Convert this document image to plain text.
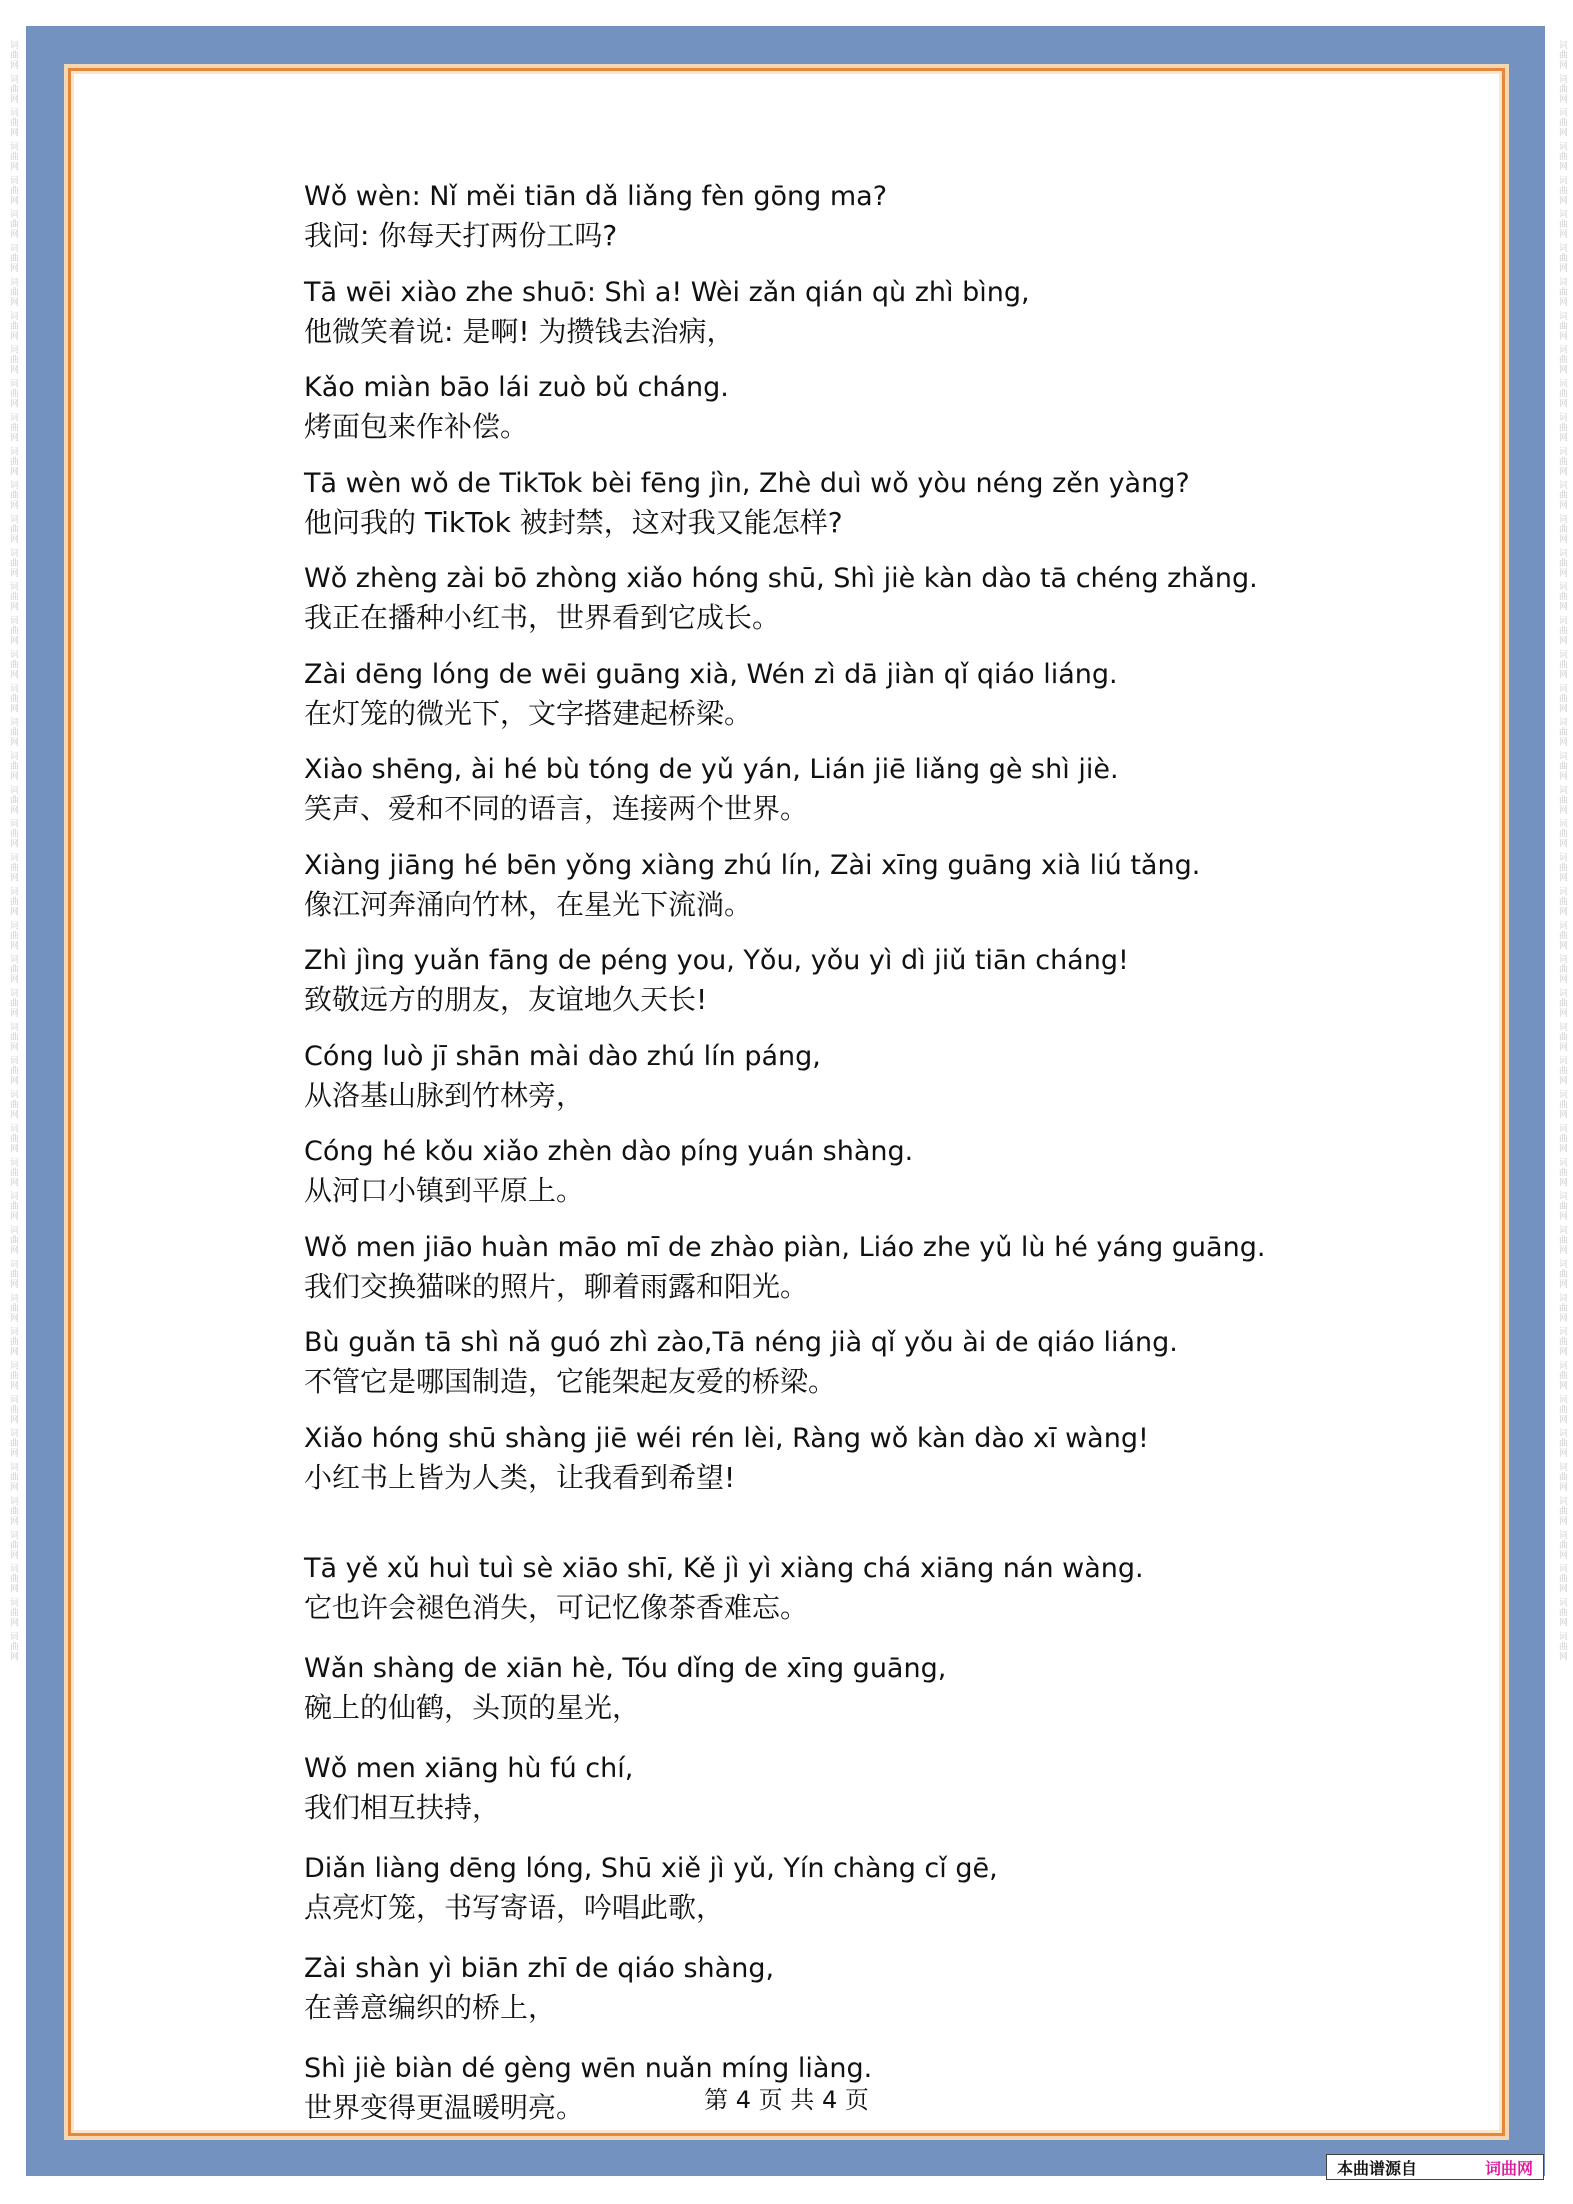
词曲网 词曲网 词曲网 词曲网 词曲网 词曲网 词曲网 词曲网 词曲网 词曲网 词曲网 词曲网 词曲网 词曲网 词曲网 词曲网 词曲网 词曲网 词曲网 词曲网 词曲网 词曲网 词曲网 词曲网 词曲网 词曲网 词曲网 词曲网 词曲网 词曲网 词曲网 词曲网 词曲网 词曲网 词曲网 词曲网 词曲网 词曲网 词曲网 词曲网 词曲网 词曲网 词曲网 词曲网 词曲网 词曲网 词曲网 词曲网	词曲网 词曲网 词曲网 词曲网 词曲网 词曲网 词曲网 词曲网 词曲网 词曲网 词曲网 词曲网 词曲网 词曲网 词曲网 词曲网 词曲网 词曲网 词曲网 词曲网 词曲网 词曲网 词曲网 词曲网 词曲网 词曲网 词曲网 词曲网 词曲网 词曲网 词曲网 词曲网 词曲网 词曲网 词曲网 词曲网 词曲网 词曲网 词曲网 词曲网 词曲网 词曲网 词曲网 词曲网 词曲网 词曲网 词曲网 词曲网
Wǒ wèn: Nǐ měi tiān dǎ liǎng fèn gōng ma?
我问: 你每天打两份工吗?
Tā wēi xiào zhe shuō: Shì a! Wèi zǎn qián qù zhì bìng,
他微笑着说: 是啊! 为攒钱去治病，
Kǎo miàn bāo lái zuò bǔ cháng.
烤面包来作补偿。
Tā wèn wǒ de TikTok bèi fēng jìn, Zhè duì wǒ yòu néng zěn yàng?
他问我的 TikTok 被封禁，这对我又能怎样?
Wǒ zhèng zài bō zhòng xiǎo hóng shū, Shì jiè kàn dào tā chéng zhǎng.
我正在播种小红书，世界看到它成长。
Zài dēng lóng de wēi guāng xià, Wén zì dā jiàn qǐ qiáo liáng.
在灯笼的微光下，文字搭建起桥梁。
Xiào shēng, ài hé bù tóng de yǔ yán, Lián jiē liǎng gè shì jiè.
笑声、爱和不同的语言，连接两个世界。
Xiàng jiāng hé bēn yǒng xiàng zhú lín, Zài xīng guāng xià liú tǎng.
像江河奔涌向竹林，在星光下流淌。
Zhì jìng yuǎn fāng de péng you, Yǒu, yǒu yì dì jiǔ tiān cháng!
致敬远方的朋友，友谊地久天长!
Cóng luò jī shān mài dào zhú lín páng,
从洛基山脉到竹林旁，
Cóng hé kǒu xiǎo zhèn dào píng yuán shàng.
从河口小镇到平原上。
Wǒ men jiāo huàn māo mī de zhào piàn, Liáo zhe yǔ lù hé yáng guāng.
我们交换猫咪的照片，聊着雨露和阳光。
Bù guǎn tā shì nǎ guó zhì zào,Tā néng jià qǐ yǒu ài de qiáo liáng.
不管它是哪国制造，它能架起友爱的桥梁。
Xiǎo hóng shū shàng jiē wéi rén lèi, Ràng wǒ kàn dào xī wàng!
小红书上皆为人类，让我看到希望!
Tā yě xǔ huì tuì sè xiāo shī, Kě jì yì xiàng chá xiāng nán wàng.
它也许会褪色消失，可记忆像茶香难忘。
Wǎn shàng de xiān hè, Tóu dǐng de xīng guāng,
碗上的仙鹤，头顶的星光，
Wǒ men xiāng hù fú chí,
我们相互扶持，
Diǎn liàng dēng lóng, Shū xiě jì yǔ, Yín chàng cǐ gē,
点亮灯笼，书写寄语，吟唱此歌，
Zài shàn yì biān zhī de qiáo shàng,
在善意编织的桥上，
Shì jiè biàn dé gèng wēn nuǎn míng liàng.
世界变得更温暖明亮。	第 4 页 共 4 页
本曲谱源自	词曲网
